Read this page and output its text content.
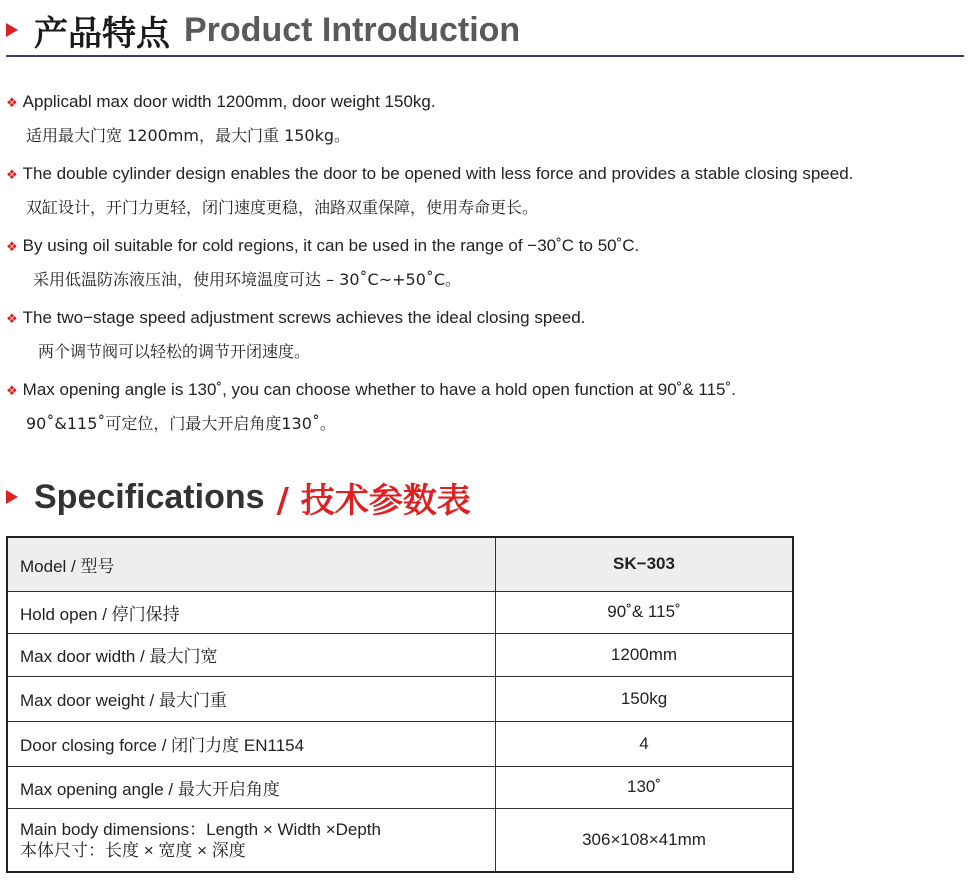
产品特点 Product Introduction
❖ Applicabl max door width 1200mm, door weight 150kg.
适用最大门宽 1200mm，最大门重 150kg。
❖ The double cylinder design enables the door to be opened with less force and provides a stable closing speed.
双缸设计，开门力更轻，闭门速度更稳，油路双重保障，使用寿命更长。
❖ By using oil suitable for cold regions, it can be used in the range of −30˚C to 50˚C.
采用低温防冻液压油，使用环境温度可达 – 30˚C~+50˚C。
❖ The two−stage speed adjustment screws achieves the ideal closing speed.
两个调节阀可以轻松的调节开闭速度。
❖ Max opening angle is 130˚, you can choose whether to have a hold open function at 90˚& 115˚.
90˚&115˚可定位，门最大开启角度130˚。
Specifications / 技术参数表
Model / 型号	SK−303
Hold open / 停门保持	90˚& 115˚
Max door width / 最大门宽	1200mm
Max door weight / 最大门重	150kg
Door closing force / 闭门力度 EN1154	4
Max opening angle / 最大开启角度	130˚

Main body dimensions：Length × Width ×Depth
本体尺寸：长度 × 宽度 × 深度	306×108×41mm
